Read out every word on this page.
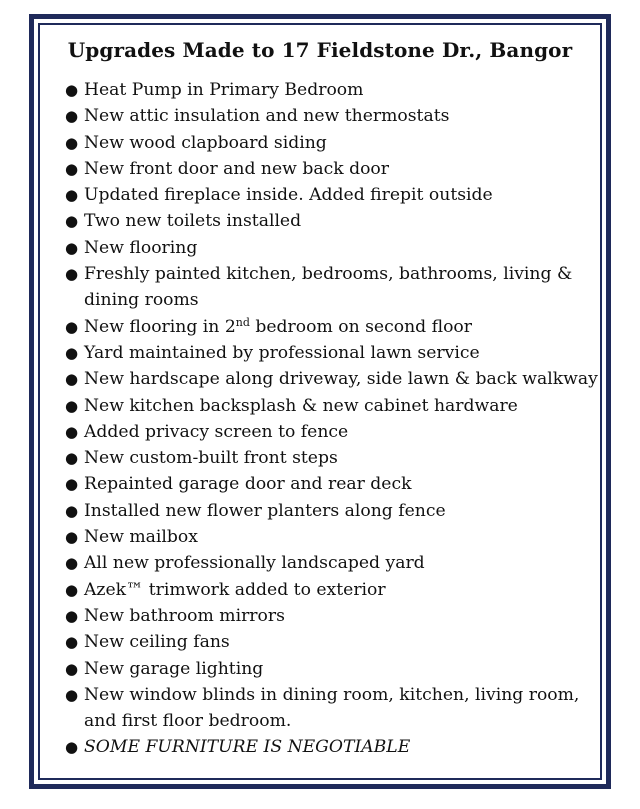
Upgrades Made to 17 Fieldstone Dr., Bangor
● Heat Pump in Primary Bedroom
● New attic insulation and new thermostats
● New wood clapboard siding
● New front door and new back door
● Updated fireplace inside. Added firepit outside
● Two new toilets installed
● New flooring
● Freshly painted kitchen, bedrooms, bathrooms, living & dining rooms
● New flooring in 2nd bedroom on second floor
● Yard maintained by professional lawn service
● New hardscape along driveway, side lawn & back walkway
● New kitchen backsplash & new cabinet hardware
● Added privacy screen to fence
● New custom-built front steps
● Repainted garage door and rear deck
● Installed new flower planters along fence
● New mailbox
● All new professionally landscaped yard
● Azek™ trimwork added to exterior
● New bathroom mirrors
● New ceiling fans
● New garage lighting
● New window blinds in dining room, kitchen, living room, and first floor bedroom.
● SOME FURNITURE IS NEGOTIABLE
